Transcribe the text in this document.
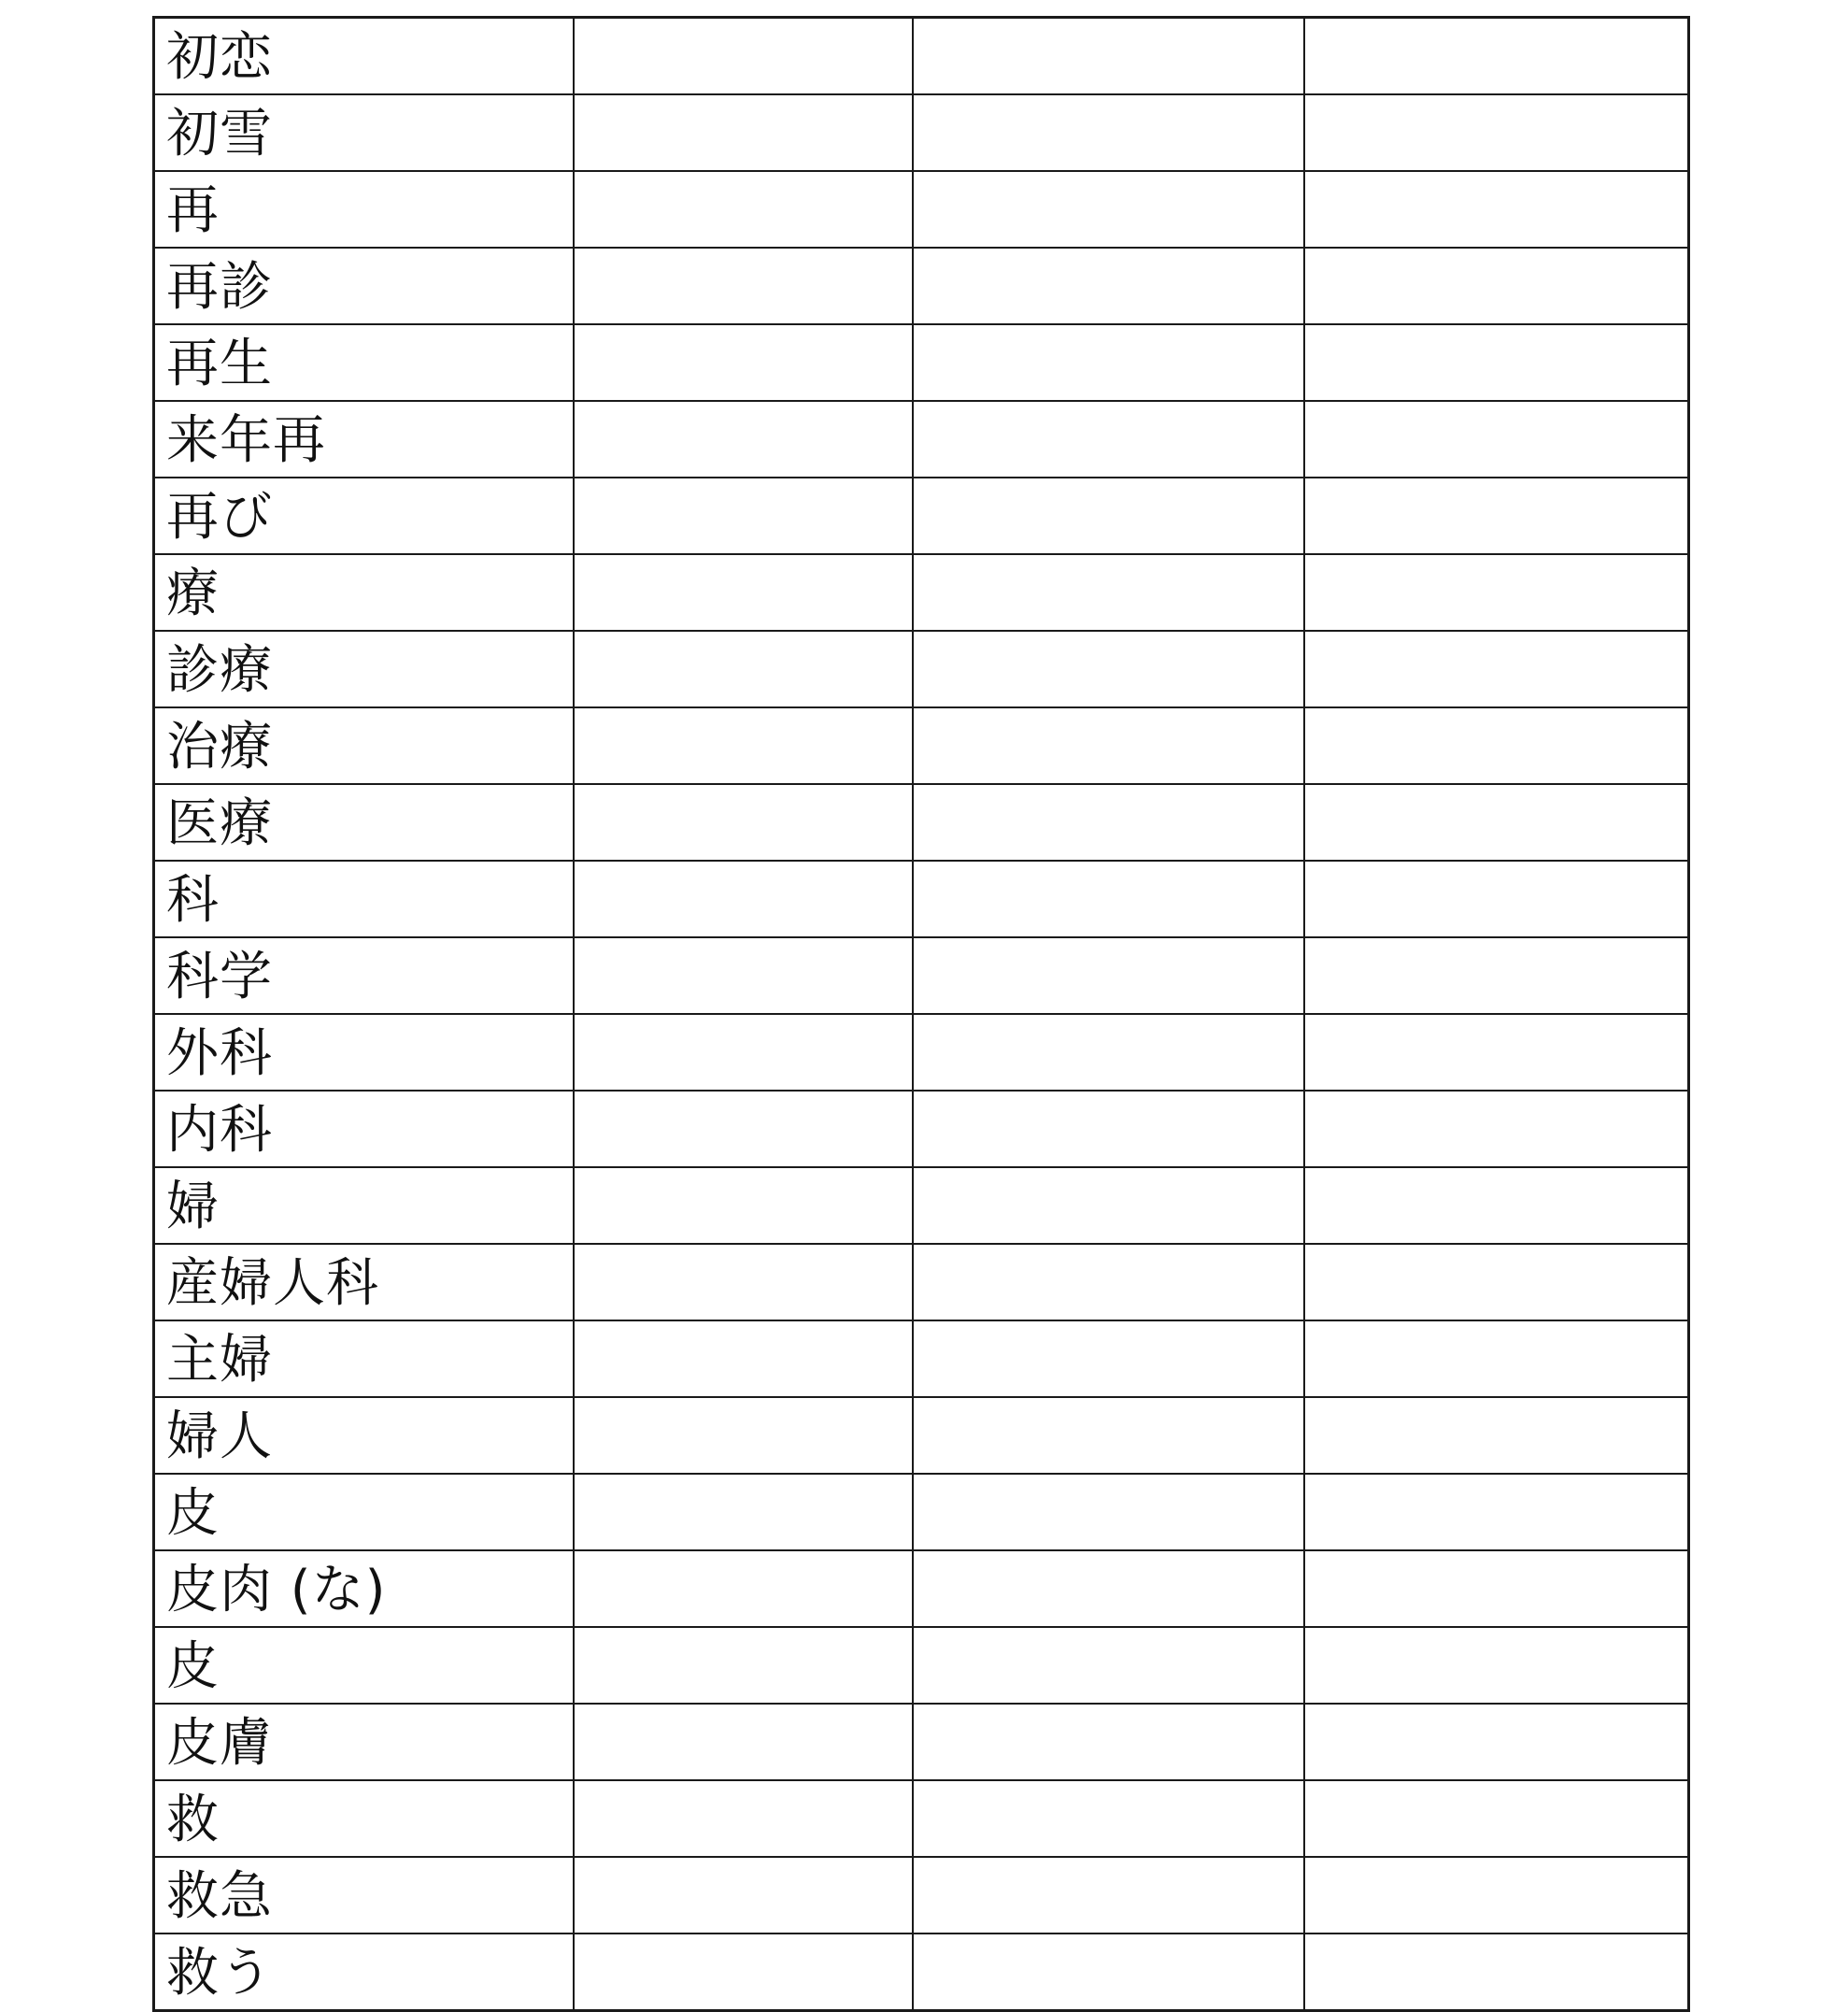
初恋			
初雪			
再			
再診			
再生			
来年再			
再び			
療			
診療			
治療			
医療			
科			
科学			
外科			
内科			
婦			
産婦人科			
主婦			
婦人			
皮			
皮肉 (な)			
皮			
皮膚			
救			
救急			
救う			
